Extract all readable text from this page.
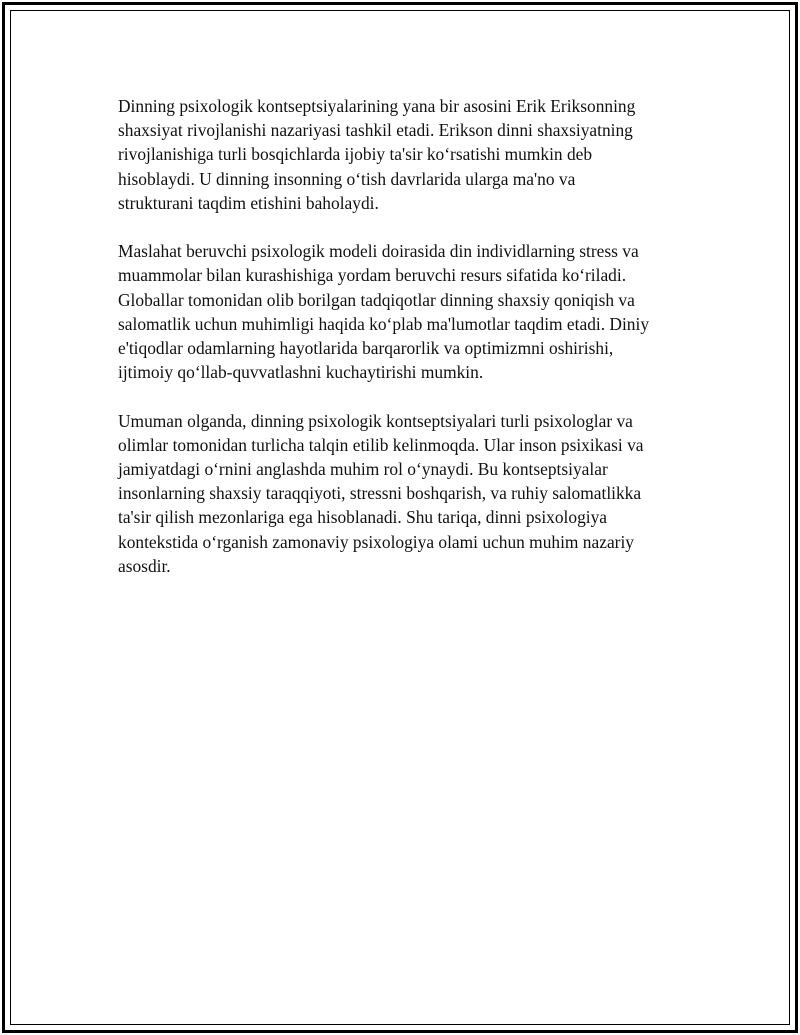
Dinning psixologik kontseptsiyalarining yana bir asosini Erik Eriksonning
shaxsiyat rivojlanishi nazariyasi tashkil etadi. Erikson dinni shaxsiyatning
rivojlanishiga turli bosqichlarda ijobiy ta'sir koʻrsatishi mumkin deb
hisoblaydi. U dinning insonning oʻtish davrlarida ularga ma'no va
strukturani taqdim etishini baholaydi.

Maslahat beruvchi psixologik modeli doirasida din individlarning stress va
muammolar bilan kurashishiga yordam beruvchi resurs sifatida koʻriladi.
Globallar tomonidan olib borilgan tadqiqotlar dinning shaxsiy qoniqish va
salomatlik uchun muhimligi haqida koʻplab ma'lumotlar taqdim etadi. Diniy
e'tiqodlar odamlarning hayotlarida barqarorlik va optimizmni oshirishi,
ijtimoiy qoʻllab-quvvatlashni kuchaytirishi mumkin.

Umuman olganda, dinning psixologik kontseptsiyalari turli psixologlar va
olimlar tomonidan turlicha talqin etilib kelinmoqda. Ular inson psixikasi va
jamiyatdagi oʻrnini anglashda muhim rol oʻynaydi. Bu kontseptsiyalar
insonlarning shaxsiy taraqqiyoti, stressni boshqarish, va ruhiy salomatlikka
ta'sir qilish mezonlariga ega hisoblanadi. Shu tariqa, dinni psixologiya
kontekstida oʻrganish zamonaviy psixologiya olami uchun muhim nazariy
asosdir.
